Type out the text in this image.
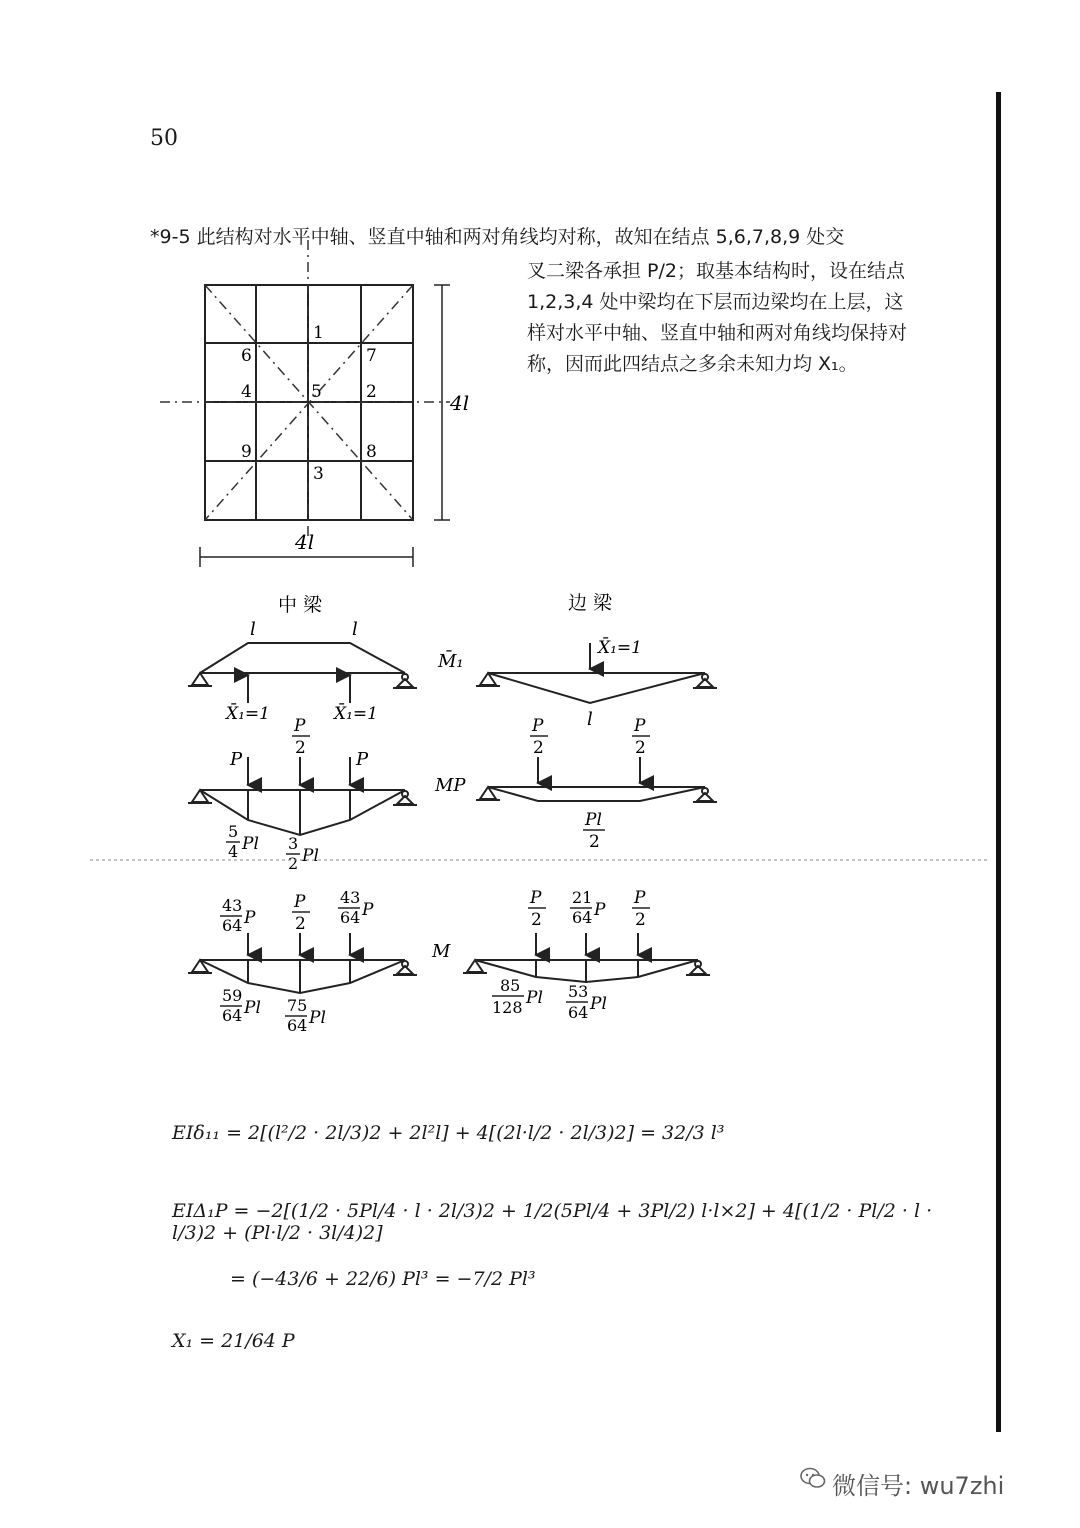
50
*9-5 此结构对水平中轴、竖直中轴和两对角线均对称，故知在结点 5,6,7,8,9 处交
叉二梁各承担 P/2；取基本结构时，设在结点 1,2,3,4 处中梁均在下层而边梁均在上层，这样对水平中轴、竖直中轴和两对角线均保持对称，因而此四结点之多余未知力均 X₁。
4l
4l
1
2
3
4	5
6	7
8
9
中 梁	边 梁
l	l
X̄₁=1	X̄₁=1
M̄₁
X̄₁=1
l
P
P
2
P
5
4 Pl 3
2 Pl
MP
P
2
P
2
Pl
2
43
64 P
P
2
43
64 P
59
64 Pl 75
64 Pl
M
P
2
21
64 P
P
2
85
128 Pl 53
64 Pl
EIδ₁₁ = 2[(l²/2 · 2l/3)2 + 2l²l] + 4[(2l·l/2 · 2l/3)2] = 32/3 l³
EIΔ₁P = −2[(1/2 · 5Pl/4 · l · 2l/3)2 + 1/2(5Pl/4 + 3Pl/2) l·l×2] + 4[(1/2 · Pl/2 · l · l/3)2 + (Pl·l/2 · 3l/4)2]
= (−43/6 + 22/6) Pl³ = −7/2 Pl³
X₁ = 21/64 P
微信号: wu7zhi
